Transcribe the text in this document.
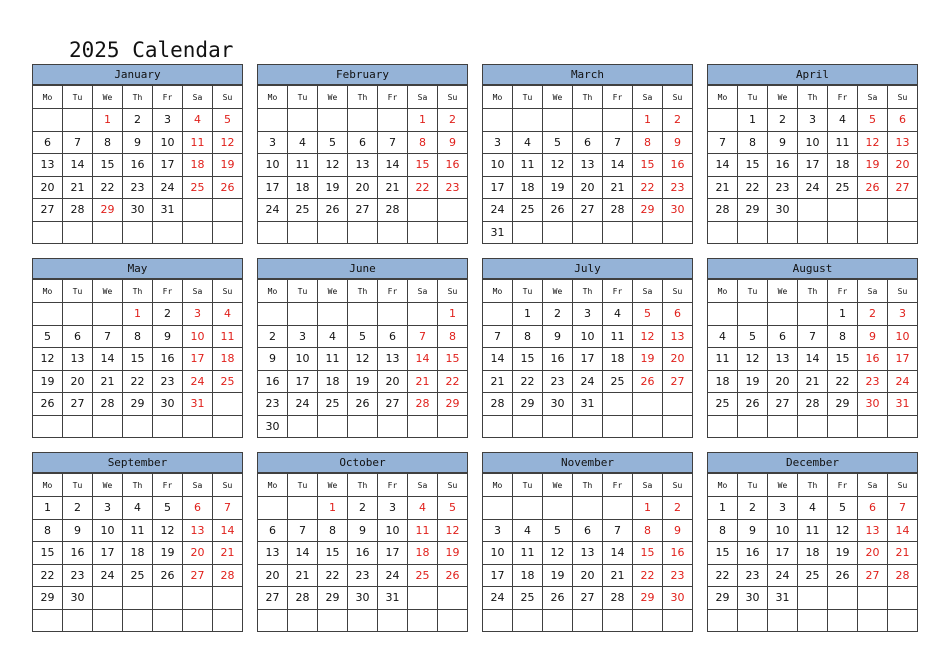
2025 Calendar
January
Mo	Tu	We	Th	Fr	Sa	Su
		1	2	3	4	5
6	7	8	9	10	11	12
13	14	15	16	17	18	19
20	21	22	23	24	25	26
27	28	29	30	31		

February
Mo	Tu	We	Th	Fr	Sa	Su
					1	2
3	4	5	6	7	8	9
10	11	12	13	14	15	16
17	18	19	20	21	22	23
24	25	26	27	28		

March
Mo	Tu	We	Th	Fr	Sa	Su
					1	2
3	4	5	6	7	8	9
10	11	12	13	14	15	16
17	18	19	20	21	22	23
24	25	26	27	28	29	30
31						
April
Mo	Tu	We	Th	Fr	Sa	Su
	1	2	3	4	5	6
7	8	9	10	11	12	13
14	15	16	17	18	19	20
21	22	23	24	25	26	27
28	29	30				

May
Mo	Tu	We	Th	Fr	Sa	Su
			1	2	3	4
5	6	7	8	9	10	11
12	13	14	15	16	17	18
19	20	21	22	23	24	25
26	27	28	29	30	31	

June
Mo	Tu	We	Th	Fr	Sa	Su
						1
2	3	4	5	6	7	8
9	10	11	12	13	14	15
16	17	18	19	20	21	22
23	24	25	26	27	28	29
30						
July
Mo	Tu	We	Th	Fr	Sa	Su
	1	2	3	4	5	6
7	8	9	10	11	12	13
14	15	16	17	18	19	20
21	22	23	24	25	26	27
28	29	30	31			

August
Mo	Tu	We	Th	Fr	Sa	Su
				1	2	3
4	5	6	7	8	9	10
11	12	13	14	15	16	17
18	19	20	21	22	23	24
25	26	27	28	29	30	31

September
Mo	Tu	We	Th	Fr	Sa	Su
1	2	3	4	5	6	7
8	9	10	11	12	13	14
15	16	17	18	19	20	21
22	23	24	25	26	27	28
29	30					

October
Mo	Tu	We	Th	Fr	Sa	Su
		1	2	3	4	5
6	7	8	9	10	11	12
13	14	15	16	17	18	19
20	21	22	23	24	25	26
27	28	29	30	31		

November
Mo	Tu	We	Th	Fr	Sa	Su
					1	2
3	4	5	6	7	8	9
10	11	12	13	14	15	16
17	18	19	20	21	22	23
24	25	26	27	28	29	30

December
Mo	Tu	We	Th	Fr	Sa	Su
1	2	3	4	5	6	7
8	9	10	11	12	13	14
15	16	17	18	19	20	21
22	23	24	25	26	27	28
29	30	31				
